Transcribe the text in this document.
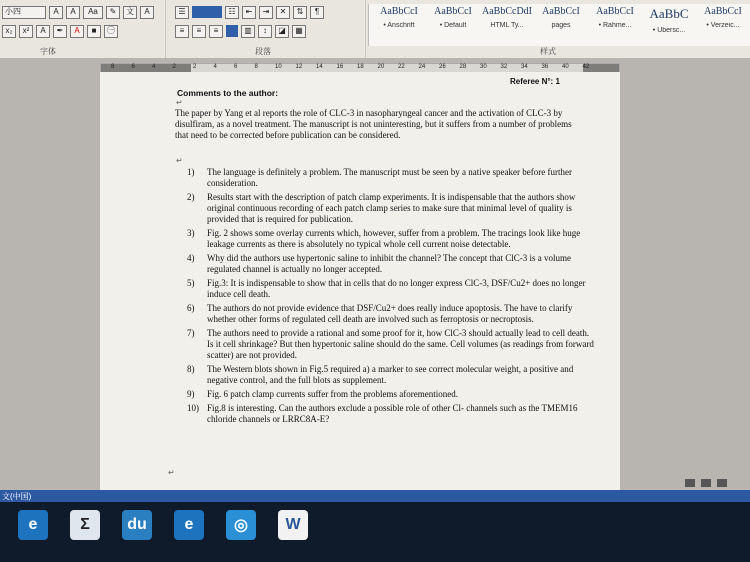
小四	A	A	Aa	✎	文	A
x₂	x²	A	✒	A	■	㊀
字体
☰	☷	⇤	⇥	✕	⇅	¶
≡	≡	≡	▥	↕	◪	▦
段落
AaBbCcI
• Anschrift
AaBbCcI
• Default
AaBbCcDdI
HTML Ty...
AaBbCcI
pages
AaBbCcI
• Rahme...
AaBbC
• Übersc...
AaBbCcI
• Verzeic...
样式
8	6	4	2	2	4	6	8	10 12 14 16 18 20 22 24 26 28 30 32 34 36 40 42
Referee N°: 1
Comments to the author:
↵
The paper by Yang et al reports the role of CLC-3 in nasopharyngeal cancer and the activation of CLC-3 by disulfiram, as a novel treatment. The manuscript is not uninteresting, but it suffers from a number of problems that need to be corrected before publication can be considered.
↵
1)	The language is definitely a problem. The manuscript must be seen by a native speaker before further consideration.
2)	Results start with the description of patch clamp experiments. It is indispensable that the authors show original continuous recording of each patch clamp series to make sure that minimal level of quality is provided that is required for publication.
3)	Fig. 2 shows some overlay currents which, however, suffer from a problem. The tracings look like huge leakage currents as there is absolutely no typical whole cell current noise detectable.
4)	Why did the authors use hypertonic saline to inhibit the channel? The concept that ClC-3 is a volume regulated channel is actually no longer accepted.
5)	Fig.3: It is indispensable to show that in cells that do no longer express ClC-3, DSF/Cu2+ does no longer induce cell death.
6)	The authors do not provide evidence that DSF/Cu2+ does really induce apoptosis. The have to clarify whether other forms of regulated cell death are involved such as ferroptosis or necroptosis.
7)	The authors need to provide a rational and some proof for it, how ClC-3 should actually lead to cell death. Is it cell shrinkage? But then hypertonic saline should do the same. Cell volumes (as readings from forward scatter) are not provided.
8)	The Western blots shown in Fig.5 required a) a marker to see correct molecular weight, a positive and negative control, and the full blots as supplement.
9)	Fig. 6 patch clamp currents suffer from the problems aforementioned.
10) Fig.8 is interesting. Can the authors exclude a possible role of other Cl- channels such as the TMEM16 chloride channels or LRRC8A-E?
↵
文(中国)
e	Σ	du	e	◎	W
